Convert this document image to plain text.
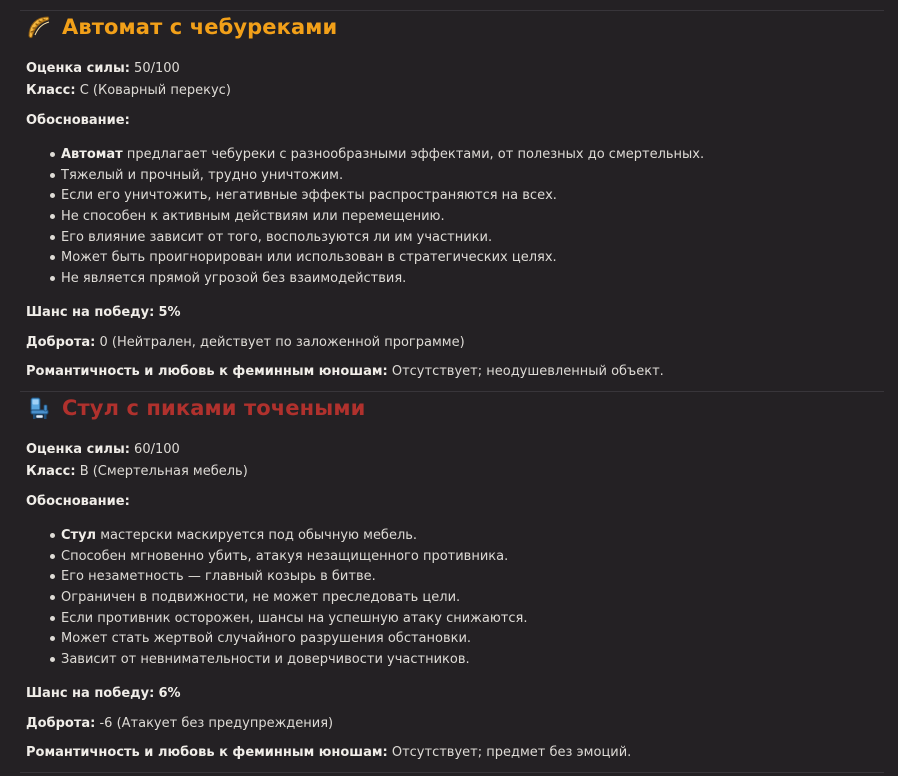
Автомат с чебуреками
Оценка силы: 50/100
Класс: C (Коварный перекус)
Обоснование:
Автомат предлагает чебуреки с разнообразными эффектами, от полезных до смертельных.
Тяжелый и прочный, трудно уничтожим.
Если его уничтожить, негативные эффекты распространяются на всех.
Не способен к активным действиям или перемещению.
Его влияние зависит от того, воспользуются ли им участники.
Может быть проигнорирован или использован в стратегических целях.
Не является прямой угрозой без взаимодействия.
Шанс на победу: 5%
Доброта: 0 (Нейтрален, действует по заложенной программе)
Романтичность и любовь к феминным юношам: Отсутствует; неодушевленный объект.
Стул с пиками точеными
Оценка силы: 60/100
Класс: B (Смертельная мебель)
Обоснование:
Стул мастерски маскируется под обычную мебель.
Способен мгновенно убить, атакуя незащищенного противника.
Его незаметность — главный козырь в битве.
Ограничен в подвижности, не может преследовать цели.
Если противник осторожен, шансы на успешную атаку снижаются.
Может стать жертвой случайного разрушения обстановки.
Зависит от невнимательности и доверчивости участников.
Шанс на победу: 6%
Доброта: -6 (Атакует без предупреждения)
Романтичность и любовь к феминным юношам: Отсутствует; предмет без эмоций.
